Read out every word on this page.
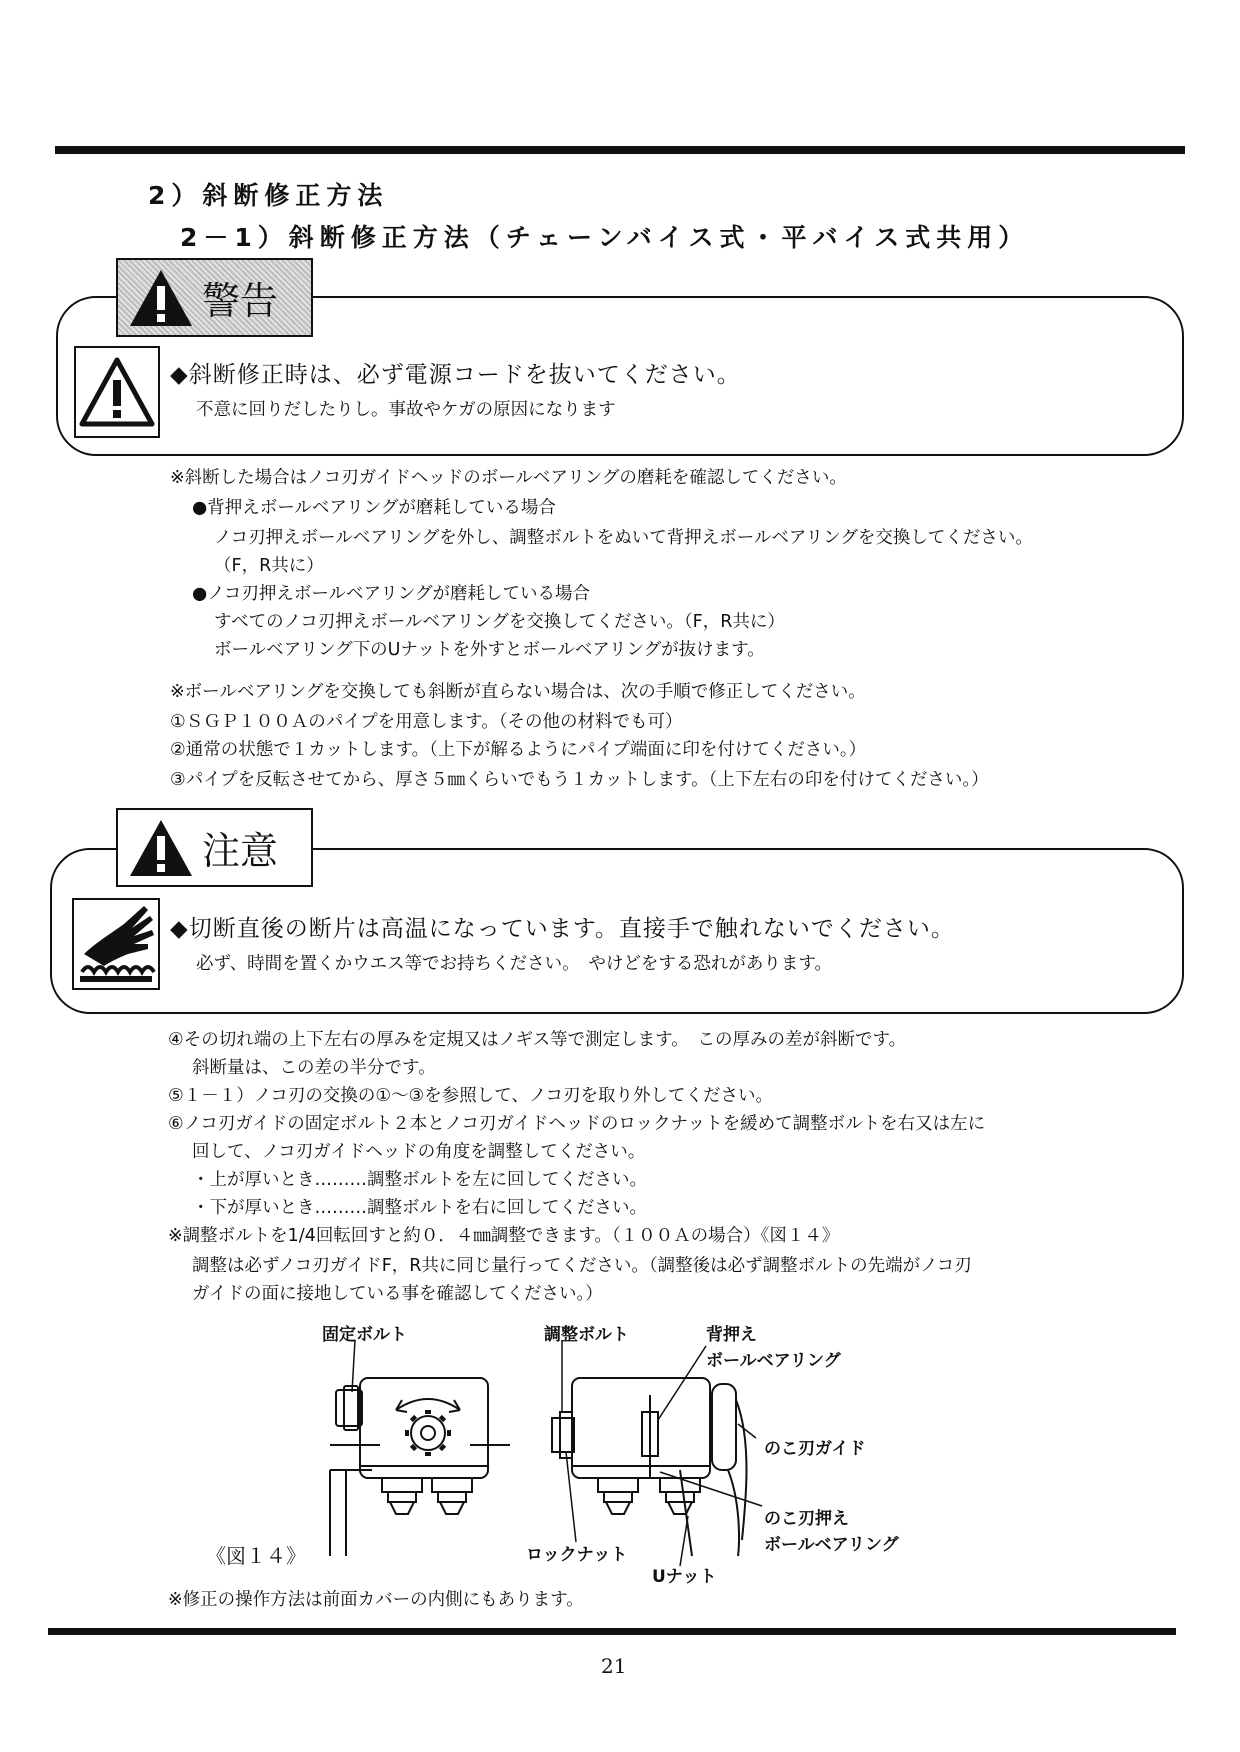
2）斜断修正方法
2－1）斜断修正方法（チェーンバイス式・平バイス式共用）
警告
◆斜断修正時は、必ず電源コードを抜いてください。
不意に回りだしたりし。事故やケガの原因になります
※斜断した場合はノコ刃ガイドヘッドのボールベアリングの磨耗を確認してください。
●背押えボールベアリングが磨耗している場合
ノコ刃押えボールベアリングを外し、調整ボルトをぬいて背押えボールベアリングを交換してください。
（F，R共に）
●ノコ刃押えボールベアリングが磨耗している場合
すべてのノコ刃押えボールベアリングを交換してください。（F，R共に）
ボールベアリング下のUナットを外すとボールベアリングが抜けます。
※ボールベアリングを交換しても斜断が直らない場合は、次の手順で修正してください。
①ＳＧＰ１００Ａのパイプを用意します。（その他の材料でも可）
②通常の状態で１カットします。（上下が解るようにパイプ端面に印を付けてください。）
③パイプを反転させてから、厚さ５㎜くらいでもう１カットします。（上下左右の印を付けてください。）
注意
◆切断直後の断片は高温になっています。直接手で触れないでください。
必ず、時間を置くかウエス等でお持ちください。　やけどをする恐れがあります。
④その切れ端の上下左右の厚みを定規又はノギス等で測定します。　この厚みの差が斜断です。
斜断量は、この差の半分です。
⑤１－１）ノコ刃の交換の①～③を参照して、ノコ刃を取り外してください。
⑥ノコ刃ガイドの固定ボルト２本とノコ刃ガイドヘッドのロックナットを緩めて調整ボルトを右又は左に
回して、ノコ刃ガイドヘッドの角度を調整してください。
・上が厚いとき………調整ボルトを左に回してください。
・下が厚いとき………調整ボルトを右に回してください。
※調整ボルトを1/4回転回すと約０．４㎜調整できます。（１００Ａの場合）《図１４》
調整は必ずノコ刃ガイドF，R共に同じ量行ってください。（調整後は必ず調整ボルトの先端がノコ刃
ガイドの面に接地している事を確認してください。）
固定ボルト	調整ボルト	背押え
ボールベアリング
のこ刃ガイド
のこ刃押え
ボールベアリング
ロックナット
Uナット
《図１４》
※修正の操作方法は前面カバーの内側にもあります。
21
